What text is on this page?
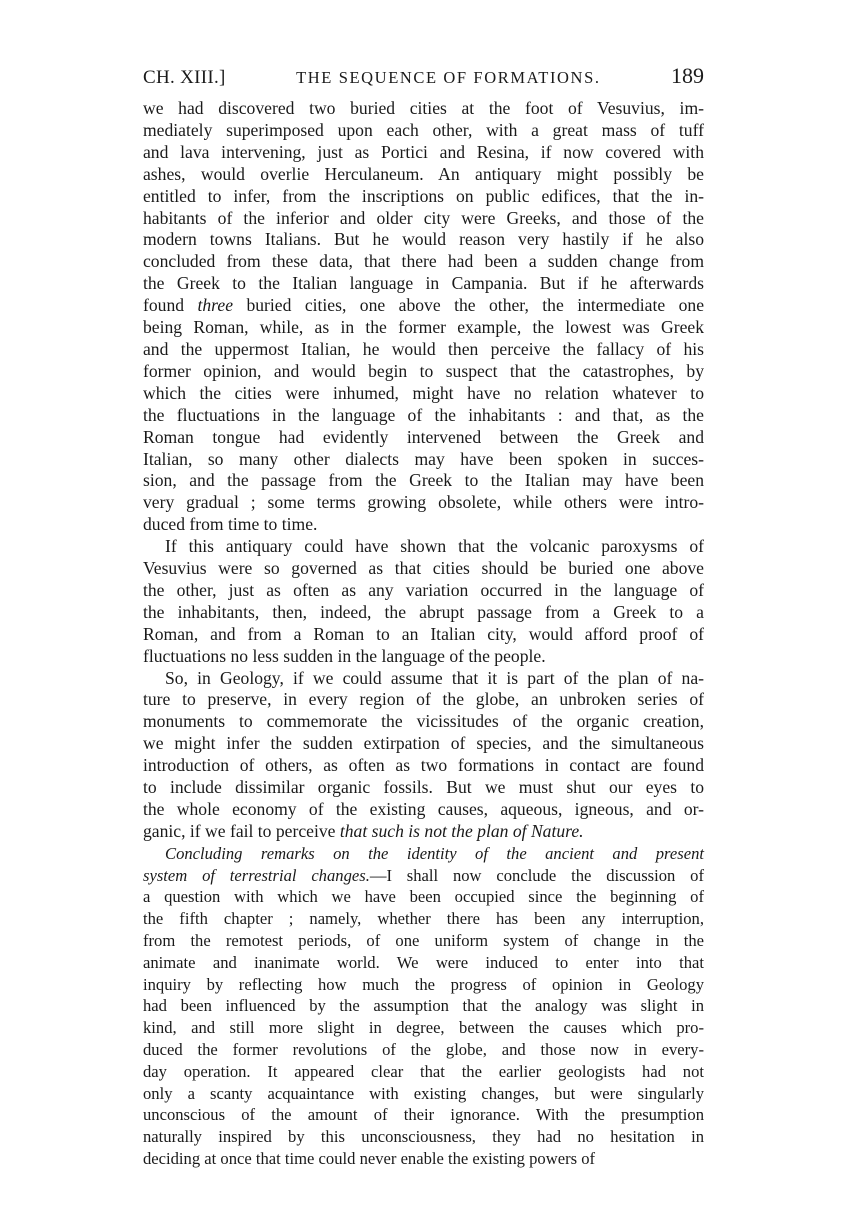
CH. XIII.]	THE SEQUENCE OF FORMATIONS.	189
we had discovered two buried cities at the foot of Vesuvius, im-
mediately superimposed upon each other, with a great mass of tuff
and lava intervening, just as Portici and Resina, if now covered with
ashes, would overlie Herculaneum. An antiquary might possibly be
entitled to infer, from the inscriptions on public edifices, that the in-
habitants of the inferior and older city were Greeks, and those of the
modern towns Italians. But he would reason very hastily if he also
concluded from these data, that there had been a sudden change from
the Greek to the Italian language in Campania. But if he afterwards
found three buried cities, one above the other, the intermediate one
being Roman, while, as in the former example, the lowest was Greek
and the uppermost Italian, he would then perceive the fallacy of his
former opinion, and would begin to suspect that the catastrophes, by
which the cities were inhumed, might have no relation whatever to
the fluctuations in the language of the inhabitants : and that, as the
Roman tongue had evidently intervened between the Greek and
Italian, so many other dialects may have been spoken in succes-
sion, and the passage from the Greek to the Italian may have been
very gradual ; some terms growing obsolete, while others were intro-
duced from time to time.
If this antiquary could have shown that the volcanic paroxysms of
Vesuvius were so governed as that cities should be buried one above
the other, just as often as any variation occurred in the language of
the inhabitants, then, indeed, the abrupt passage from a Greek to a
Roman, and from a Roman to an Italian city, would afford proof of
fluctuations no less sudden in the language of the people.
So, in Geology, if we could assume that it is part of the plan of na-
ture to preserve, in every region of the globe, an unbroken series of
monuments to commemorate the vicissitudes of the organic creation,
we might infer the sudden extirpation of species, and the simultaneous
introduction of others, as often as two formations in contact are found
to include dissimilar organic fossils. But we must shut our eyes to
the whole economy of the existing causes, aqueous, igneous, and or-
ganic, if we fail to perceive that such is not the plan of Nature.
Concluding remarks on the identity of the ancient and present
system of terrestrial changes.—I shall now conclude the discussion of
a question with which we have been occupied since the beginning of
the fifth chapter ; namely, whether there has been any interruption,
from the remotest periods, of one uniform system of change in the
animate and inanimate world. We were induced to enter into that
inquiry by reflecting how much the progress of opinion in Geology
had been influenced by the assumption that the analogy was slight in
kind, and still more slight in degree, between the causes which pro-
duced the former revolutions of the globe, and those now in every-
day operation. It appeared clear that the earlier geologists had not
only a scanty acquaintance with existing changes, but were singularly
unconscious of the amount of their ignorance. With the presumption
naturally inspired by this unconsciousness, they had no hesitation in
deciding at once that time could never enable the existing powers of
